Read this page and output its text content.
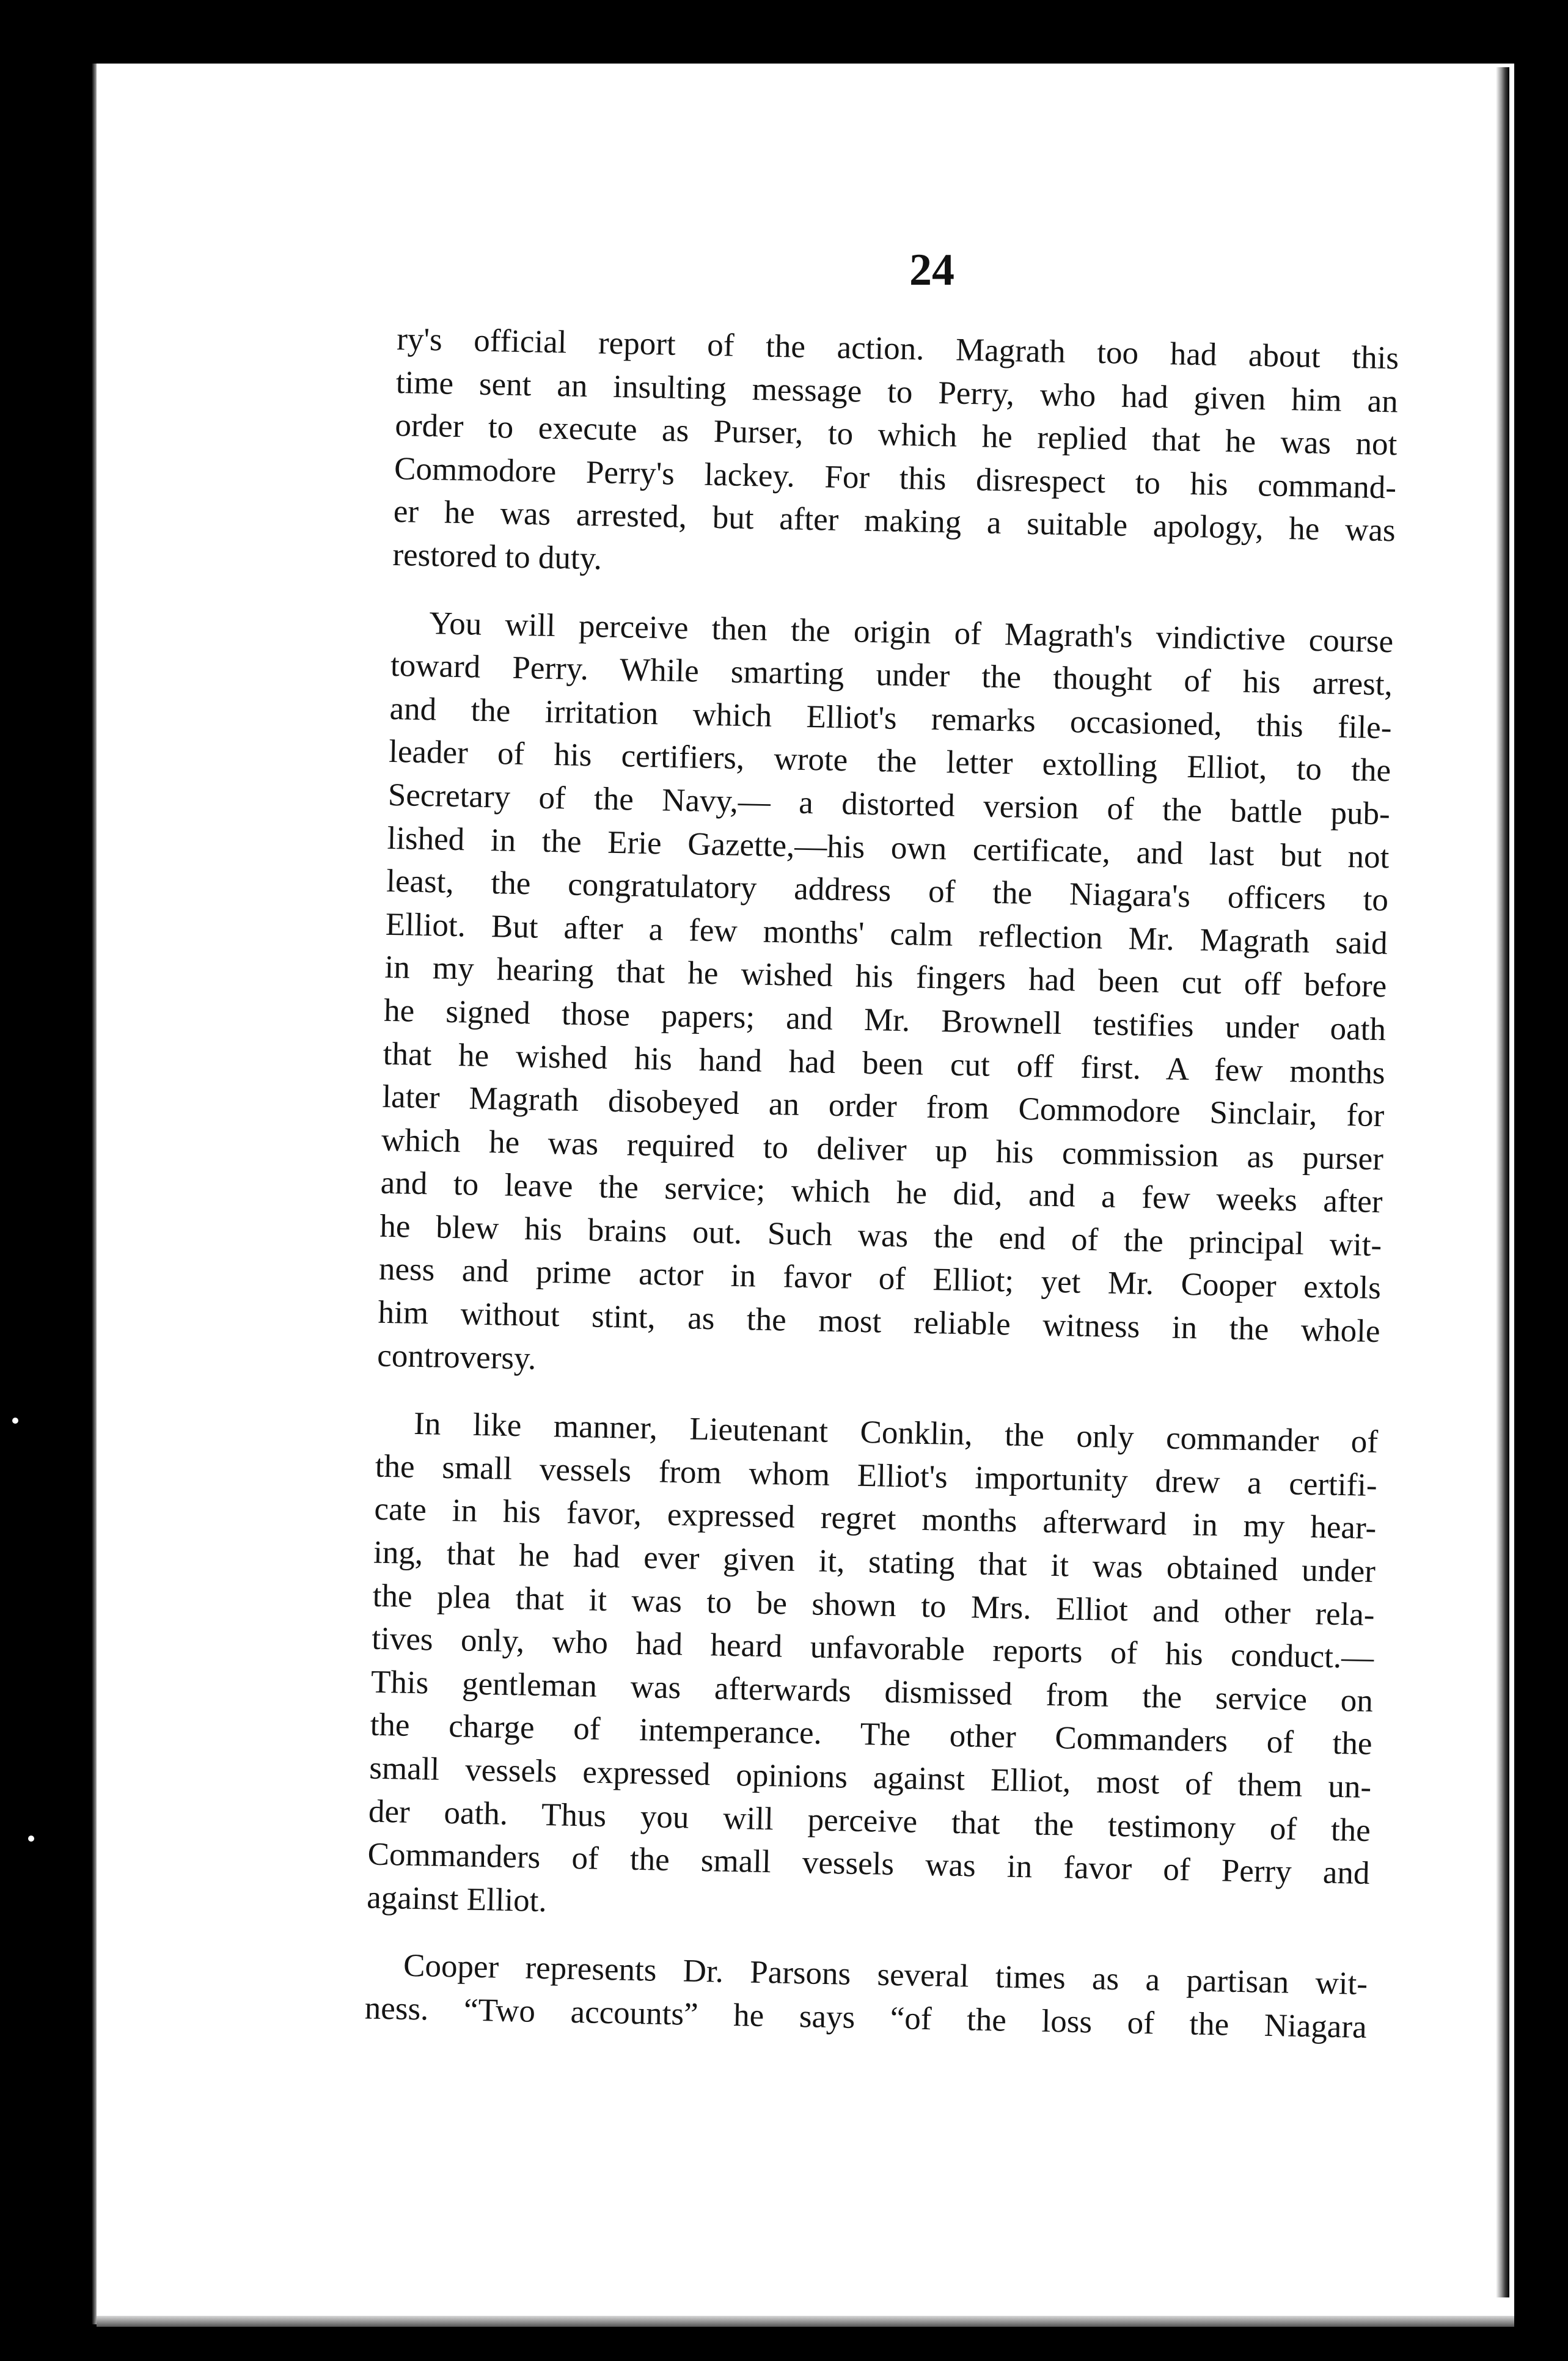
24
ry's official report of the action. Magrath too had about this
time sent an insulting message to Perry, who had given him an
order to execute as Purser, to which he replied that he was not
Commodore Perry's lackey. For this disrespect to his command-
er he was arrested, but after making a suitable apology, he was
restored to duty.
You will perceive then the origin of Magrath's vindictive course
toward Perry. While smarting under the thought of his arrest,
and the irritation which Elliot's remarks occasioned, this file-
leader of his certifiers, wrote the letter extolling Elliot, to the
Secretary of the Navy,— a distorted version of the battle pub-
lished in the Erie Gazette,—his own certificate, and last but not
least, the congratulatory address of the Niagara's officers to
Elliot. But after a few months' calm reflection Mr. Magrath said
in my hearing that he wished his fingers had been cut off before
he signed those papers; and Mr. Brownell testifies under oath
that he wished his hand had been cut off first. A few months
later Magrath disobeyed an order from Commodore Sinclair, for
which he was required to deliver up his commission as purser
and to leave the service; which he did, and a few weeks after
he blew his brains out. Such was the end of the principal wit-
ness and prime actor in favor of Elliot; yet Mr. Cooper extols
him without stint, as the most reliable witness in the whole
controversy.
In like manner, Lieutenant Conklin, the only commander of
the small vessels from whom Elliot's importunity drew a certifi-
cate in his favor, expressed regret months afterward in my hear-
ing, that he had ever given it, stating that it was obtained under
the plea that it was to be shown to Mrs. Elliot and other rela-
tives only, who had heard unfavorable reports of his conduct.—
This gentleman was afterwards dismissed from the service on
the charge of intemperance. The other Commanders of the
small vessels expressed opinions against Elliot, most of them un-
der oath. Thus you will perceive that the testimony of the
Commanders of the small vessels was in favor of Perry and
against Elliot.
Cooper represents Dr. Parsons several times as a partisan wit-
ness. “Two accounts” he says “of the loss of the Niagara
